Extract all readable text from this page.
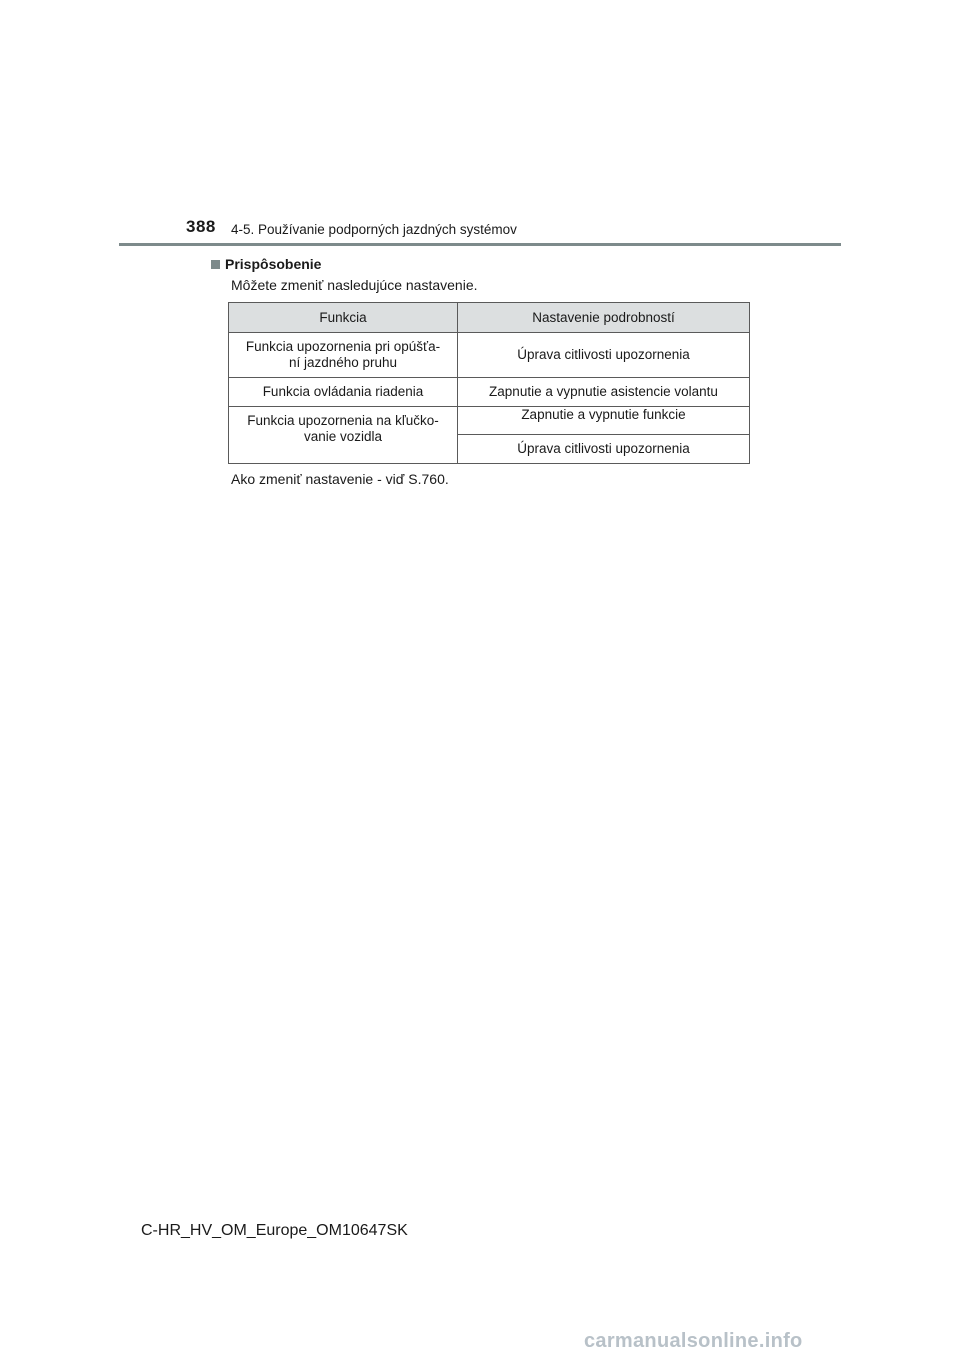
388 4-5. Používanie podporných jazdných systémov
Prispôsobenie
Môžete zmeniť nasledujúce nastavenie.
Funkcia	Nastavenie podrobností
Funkcia upozornenia pri opúšťa-
ní jazdného pruhu	Úprava citlivosti upozornenia
Funkcia ovládania riadenia	Zapnutie a vypnutie asistencie volantu
Funkcia upozornenia na kľučko-
vanie vozidla	Zapnutie a vypnutie funkcie
	Úprava citlivosti upozornenia
Ako zmeniť nastavenie - viď S.760.
C-HR_HV_OM_Europe_OM10647SK
carmanualsonline.info
